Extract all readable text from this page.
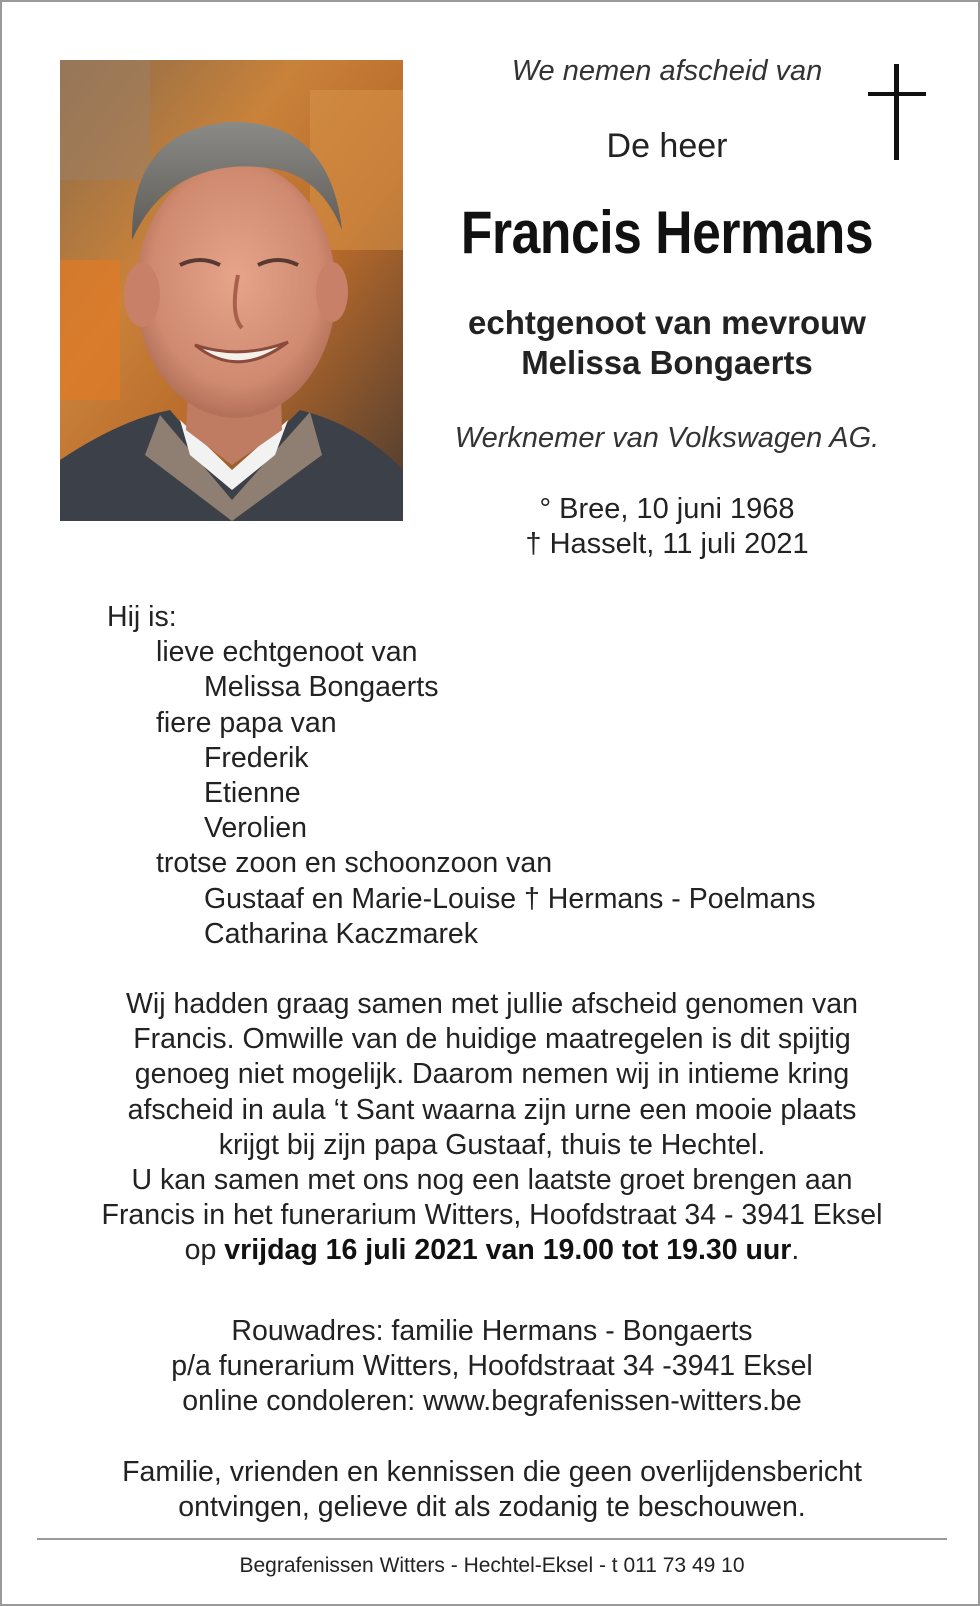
We nemen afscheid van
De heer
Francis Hermans
echtgenoot van mevrouw
Melissa Bongaerts
Werknemer van Volkswagen AG.
° Bree, 10 juni 1968
† Hasselt, 11 juli 2021
Hij is:
lieve echtgenoot van
Melissa Bongaerts
fiere papa van
Frederik
Etienne
Verolien
trotse zoon en schoonzoon van
Gustaaf en Marie-Louise † Hermans - Poelmans
Catharina Kaczmarek
Wij hadden graag samen met jullie afscheid genomen van
Francis. Omwille van de huidige maatregelen is dit spijtig
genoeg niet mogelijk. Daarom nemen wij in intieme kring
afscheid in aula ‘t Sant waarna zijn urne een mooie plaats
krijgt bij zijn papa Gustaaf, thuis te Hechtel.
U kan samen met ons nog een laatste groet brengen aan
Francis in het funerarium Witters, Hoofdstraat 34 - 3941 Eksel
op vrijdag 16 juli 2021 van 19.00 tot 19.30 uur.
Rouwadres: familie Hermans - Bongaerts
p/a funerarium Witters, Hoofdstraat 34 -3941 Eksel
online condoleren: www.begrafenissen-witters.be
Familie, vrienden en kennissen die geen overlijdensbericht
ontvingen, gelieve dit als zodanig te beschouwen.
Begrafenissen Witters - Hechtel-Eksel - t 011 73 49 10
